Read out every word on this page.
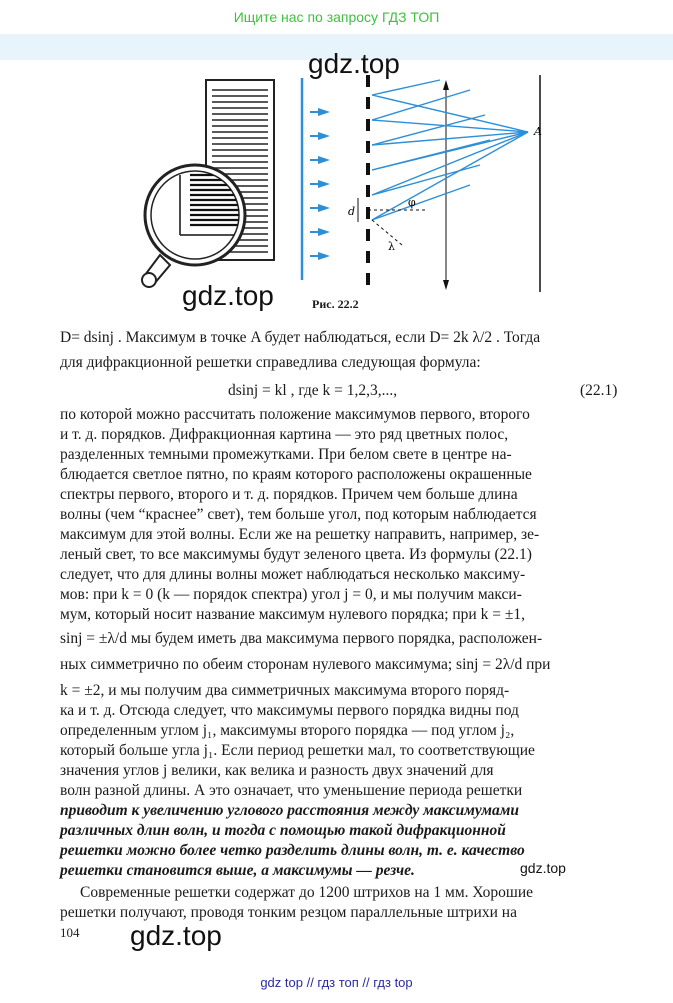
Ищите нас по запросу ГДЗ ТОП
d
φ
λ
A
gdz.top
gdz.top	Рис. 22.2
D= dsinj . Максимум в точке A будет наблюдаться, если D= 2k λ/2 . Тогда
для дифракционной решетки справедлива следующая формула:
dsinj = kl , где k = 1,2,3,...,	(22.1)
по которой можно рассчитать положение максимумов первого, второго
и т. д. порядков. Дифракционная картина — это ряд цветных полос,
разделенных темными промежутками. При белом свете в центре на-
блюдается светлое пятно, по краям которого расположены окрашенные
спектры первого, второго и т. д. порядков. Причем чем больше длина
волны (чем “краснее” свет), тем больше угол, под которым наблюдается
максимум для этой волны. Если же на решетку направить, например, зе-
леный свет, то все максимумы будут зеленого цвета. Из формулы (22.1)
следует, что для длины волны может наблюдаться несколько максиму-
мов: при k = 0 (k — порядок спектра) угол j = 0, и мы получим макси-
мум, который носит название максимум нулевого порядка; при k = ±1,
sinj = ±λ/d мы будем иметь два максимума первого порядка, расположен-
ных симметрично по обеим сторонам нулевого максимума; sinj = 2λ/d при
k = ±2, и мы получим два симметричных максимума второго поряд-
ка и т. д. Отсюда следует, что максимумы первого порядка видны под
определенным углом j₁, максимумы второго порядка — под углом j₂,
который больше угла j₁. Если период решетки мал, то соответствующие
значения углов j велики, как велика и разность двух значений для
волн разной длины. А это означает, что уменьшение периода решетки
приводит к увеличению углового расстояния между максимумами
различных длин волн, и тогда с помощью такой дифракционной
решетки можно более четко разделить длины волн, т. е. качество
решетки становится выше, а максимумы — резче.	gdz.top
Современные решетки содержат до 1200 штрихов на 1 мм. Хорошие
решетки получают, проводя тонким резцом параллельные штрихи на
104 gdz.top
gdz top // гдз топ // гдз top
